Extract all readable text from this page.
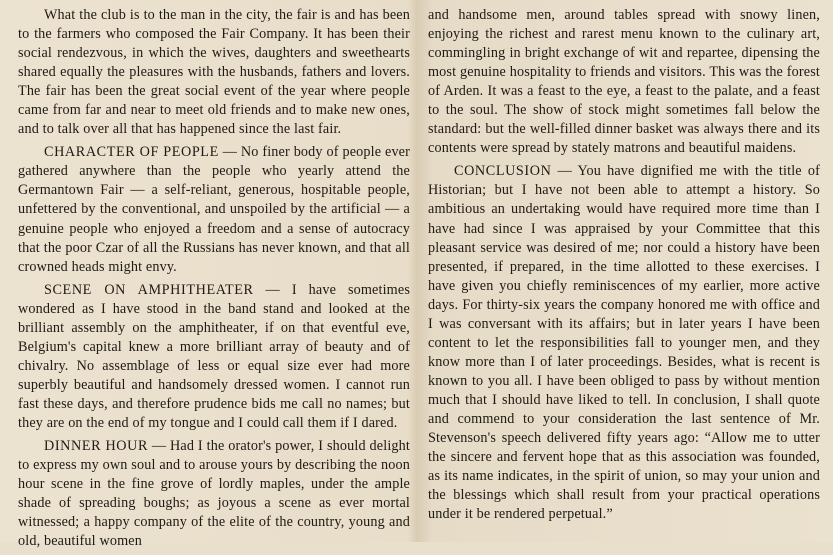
What the club is to the man in the city, the fair is and has been to the farmers who composed the Fair Company. It has been their social rendezvous, in which the wives, daughters and sweethearts shared equally the pleasures with the husbands, fathers and lovers. The fair has been the great social event of the year where people came from far and near to meet old friends and to make new ones, and to talk over all that has happened since the last fair.

CHARACTER OF PEOPLE — No finer body of people ever gathered anywhere than the people who yearly attend the Germantown Fair — a self-reliant, generous, hospitable people, unfettered by the conventional, and unspoiled by the artificial — a genuine people who enjoyed a freedom and a sense of autocracy that the poor Czar of all the Russians has never known, and that all crowned heads might envy.

SCENE ON AMPHITHEATER — I have sometimes wondered as I have stood in the band stand and looked at the brilliant assembly on the amphitheater, if on that eventful eve, Belgium's capital knew a more brilliant array of beauty and of chivalry. No assemblage of less or equal size ever had more superbly beautiful and handsomely dressed women. I cannot run fast these days, and therefore prudence bids me call no names; but they are on the end of my tongue and I could call them if I dared.

DINNER HOUR — Had I the orator's power, I should delight to express my own soul and to arouse yours by describing the noon hour scene in the fine grove of lordly maples, under the ample shade of spreading boughs; as joyous a scene as ever mortal witnessed; a happy company of the elite of the country, young and old, beautiful women

and handsome men, around tables spread with snowy linen, enjoying the richest and rarest menu known to the culinary art, commingling in bright exchange of wit and repartee, dipensing the most genuine hospitality to friends and visitors. This was the forest of Arden. It was a feast to the eye, a feast to the palate, and a feast to the soul. The show of stock might sometimes fall below the standard: but the well-filled dinner basket was always there and its contents were spread by stately matrons and beautiful maidens.

CONCLUSION — You have dignified me with the title of Historian; but I have not been able to attempt a history. So ambitious an undertaking would have required more time than I have had since I was appraised by your Committee that this pleasant service was desired of me; nor could a history have been presented, if prepared, in the time allotted to these exercises. I have given you chiefly reminiscences of my earlier, more active days. For thirty-six years the company honored me with office and I was conversant with its affairs; but in later years I have been content to let the responsibilities fall to younger men, and they know more than I of later proceedings. Besides, what is recent is known to you all. I have been obliged to pass by without mention much that I should have liked to tell. In conclusion, I shall quote and commend to your consideration the last sentence of Mr. Stevenson's speech delivered fifty years ago: “Allow me to utter the sincere and fervent hope that as this association was founded, as its name indicates, in the spirit of union, so may your union and the blessings which shall result from your practical operations under it be rendered perpetual.”
